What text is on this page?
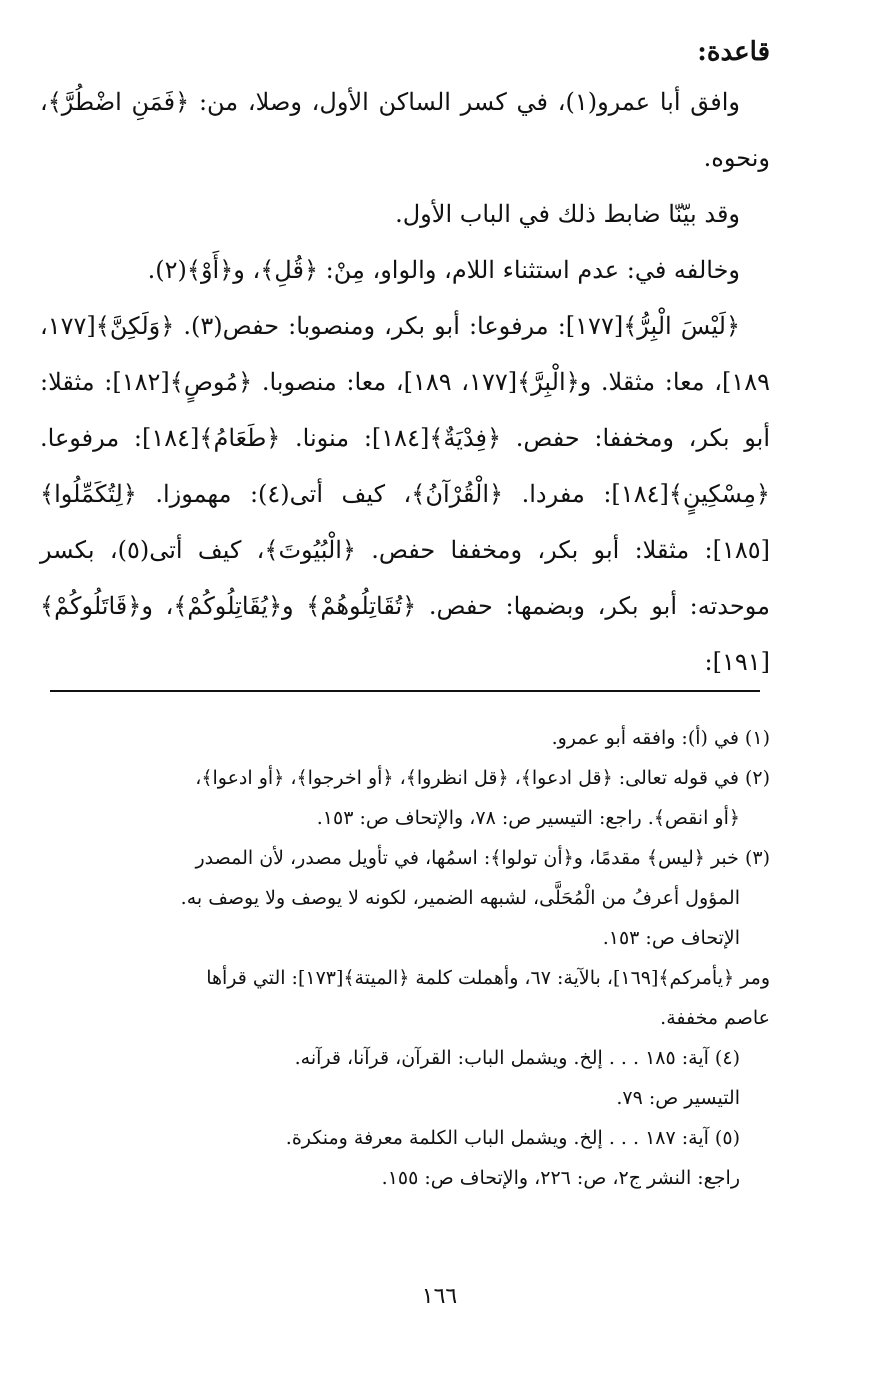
قاعدة:

وافق أبا عمرو(١)، في كسر الساكن الأول، وصلا، من: ﴿فَمَنِ اضْطُرَّ﴾، ونحوه.

وقد بيّنّا ضابط ذلك في الباب الأول.

وخالفه في: عدم استثناء اللام، والواو، مِنْ: ﴿قُلِ﴾، و﴿أَوْ﴾(٢).

﴿لَيْسَ الْبِرُّ﴾[١٧٧]: مرفوعا: أبو بكر، ومنصوبا: حفص(٣). ﴿وَلَكِنَّ﴾[١٧٧، ١٨٩]، معا: مثقلا. و﴿الْبِرَّ﴾[١٧٧، ١٨٩]، معا: منصوبا. ﴿مُوصٍ﴾[١٨٢]: مثقلا: أبو بكر، ومخففا: حفص. ﴿فِدْيَةٌ﴾[١٨٤]: منونا. ﴿طَعَامُ﴾[١٨٤]: مرفوعا. ﴿مِسْكِينٍ﴾[١٨٤]: مفردا. ﴿الْقُرْآنُ﴾، كيف أتى(٤): مهموزا. ﴿لِتُكَمِّلُوا﴾[١٨٥]: مثقلا: أبو بكر، ومخففا حفص. ﴿الْبُيُوتَ﴾، كيف أتى(٥)، بكسر موحدته: أبو بكر، وبضمها: حفص. ﴿تُقَاتِلُوهُمْ﴾ و﴿يُقَاتِلُوكُمْ﴾، و﴿قَاتَلُوكُمْ﴾[١٩١]:

(١) في (أ): وافقه أبو عمرو.

(٢) في قوله تعالى: ﴿قل ادعوا﴾، ﴿قل انظروا﴾، ﴿أو اخرجوا﴾، ﴿أو ادعوا﴾،

﴿أو انقص﴾. راجع: التيسير ص: ٧٨، والإتحاف ص: ١٥٣.

(٣) خبر ﴿ليس﴾ مقدمًا، و﴿أن تولوا﴾: اسمُها، في تأويل مصدر، لأن المصدر

المؤول أعرفُ من الْمُحَلَّى، لشبهه الضمير، لكونه لا يوصف ولا يوصف به.

الإتحاف ص: ١٥٣.

ومر ﴿يأمركم﴾[١٦٩]، بالآية: ٦٧، وأهملت كلمة ﴿الميتة﴾[١٧٣]: التي قرأها

عاصم مخففة.

(٤) آية: ١٨٥ . . . إلخ. ويشمل الباب: القرآن، قرآنا، قرآنه.

التيسير ص: ٧٩.

(٥) آية: ١٨٧ . . . إلخ. ويشمل الباب الكلمة معرفة ومنكرة.

راجع: النشر ج٢، ص: ٢٢٦، والإتحاف ص: ١٥٥.

١٦٦
